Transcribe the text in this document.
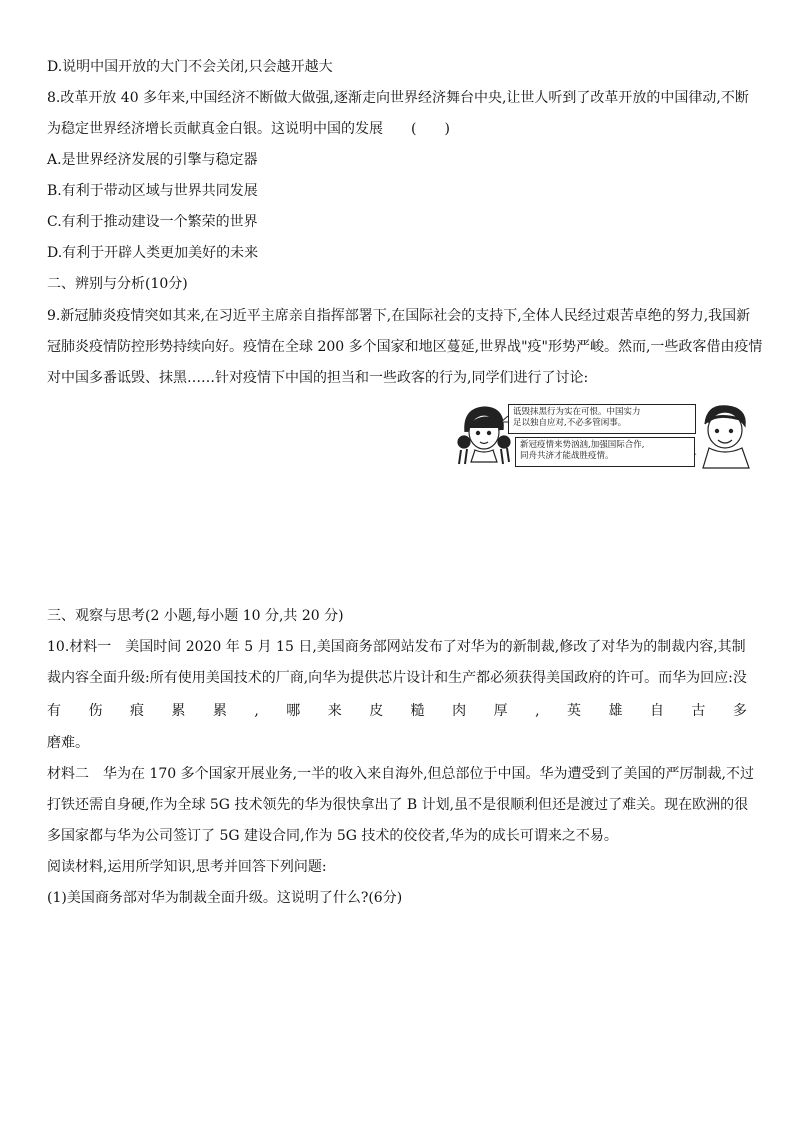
D.说明中国开放的大门不会关闭,只会越开越大
8.改革开放 40 多年来,中国经济不断做大做强,逐渐走向世界经济舞台中央,让世人听到了改革开放的中国律动,不断
为稳定世界经济增长贡献真金白银。这说明中国的发展　　(　　)
A.是世界经济发展的引擎与稳定器
B.有利于带动区域与世界共同发展
C.有利于推动建设一个繁荣的世界
D.有利于开辟人类更加美好的未来
二、辨别与分析(10分)
9.新冠肺炎疫情突如其来,在习近平主席亲自指挥部署下,在国际社会的支持下,全体人民经过艰苦卓绝的努力,我国新
冠肺炎疫情防控形势持续向好。疫情在全球 200 多个国家和地区蔓延,世界战"疫"形势严峻。然而,一些政客借由疫情
对中国多番诋毁、抹黑……针对疫情下中国的担当和一些政客的行为,同学们进行了讨论:
诋毁抹黑行为实在可恨。中国实力
足以独自应对,不必多管闲事。
新冠疫情来势汹汹,加强国际合作,
同舟共济才能战胜疫情。
三、观察与思考(2 小题,每小题 10 分,共 20 分)
10.材料一　美国时间 2020 年 5 月 15 日,美国商务部网站发布了对华为的新制裁,修改了对华为的制裁内容,其制
裁内容全面升级:所有使用美国技术的厂商,向华为提供芯片设计和生产都必须获得美国政府的许可。而华为回应:没
有 伤 痕 累 累 , 哪 来 皮 糙 肉 厚 , 英 雄 自 古 多
磨难。
材料二　华为在 170 多个国家开展业务,一半的收入来自海外,但总部位于中国。华为遭受到了美国的严厉制裁,不过
打铁还需自身硬,作为全球 5G 技术领先的华为很快拿出了 B 计划,虽不是很顺利但还是渡过了难关。现在欧洲的很
多国家都与华为公司签订了 5G 建设合同,作为 5G 技术的佼佼者,华为的成长可谓来之不易。
阅读材料,运用所学知识,思考并回答下列问题:
(1)美国商务部对华为制裁全面升级。这说明了什么?(6分)
